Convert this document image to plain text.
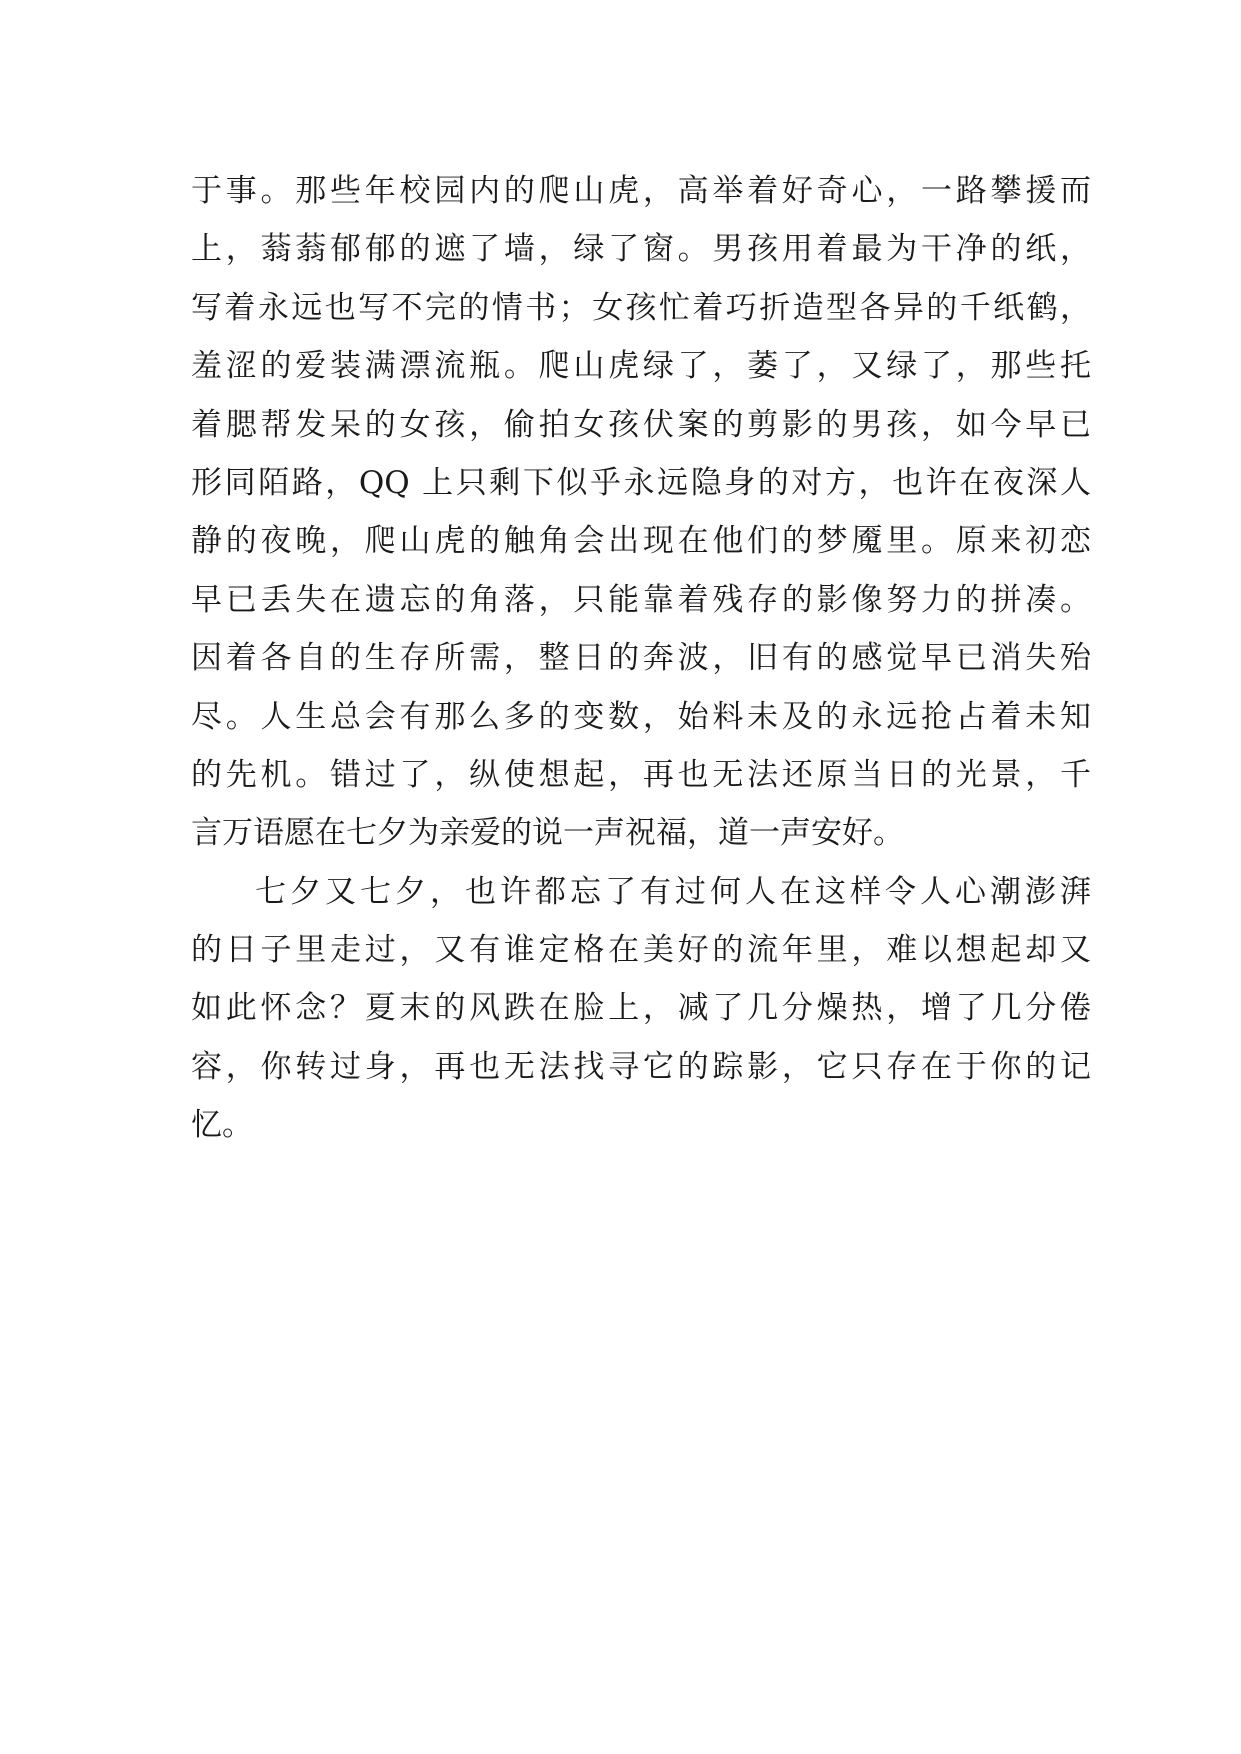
于事。那些年校园内的爬山虎，高举着好奇心，一路攀援而
上，蓊蓊郁郁的遮了墙，绿了窗。男孩用着最为干净的纸，
写着永远也写不完的情书；女孩忙着巧折造型各异的千纸鹤，
羞涩的爱装满漂流瓶。爬山虎绿了，萎了，又绿了，那些托
着腮帮发呆的女孩，偷拍女孩伏案的剪影的男孩，如今早已
形同陌路，QQ 上只剩下似乎永远隐身的对方，也许在夜深人
静的夜晚，爬山虎的触角会出现在他们的梦魇里。原来初恋
早已丢失在遗忘的角落，只能靠着残存的影像努力的拼凑。
因着各自的生存所需，整日的奔波，旧有的感觉早已消失殆
尽。人生总会有那么多的变数，始料未及的永远抢占着未知
的先机。错过了，纵使想起，再也无法还原当日的光景，千
言万语愿在七夕为亲爱的说一声祝福，道一声安好。
七夕又七夕，也许都忘了有过何人在这样令人心潮澎湃
的日子里走过，又有谁定格在美好的流年里，难以想起却又
如此怀念？夏末的风跌在脸上，减了几分燥热，增了几分倦
容，你转过身，再也无法找寻它的踪影，它只存在于你的记
忆。
